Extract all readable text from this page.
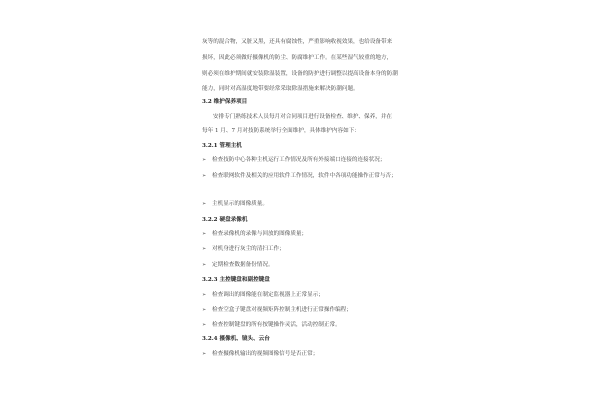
灰等的混合物，又脏又黑，还具有腐蚀性，严重影响收视效果，也给设备带来
损坏，因此必须做好摄像机的防尘、防腐维护工作。在某些湿气较重的地方，
则必须在维护期间就安装除湿装置，设备的防护进行调整以提高设备本身的防潮
能力，同时对高湿度地带要经常采取除湿措施来解决防潮问题。
3.2 维护保养项目
安排专门熟练技术人员每月对合同项目进行设备检查、维护、保养，并在
每年 1 月、7 月对技防系统举行全面维护，具体维护内容如下：
3.2.1 管理主机
➢ 检查技防中心各种主机运行工作情况及所有外接端口连接的连接状况；
➢ 检查联网软件及相关的应用软件工作情况，软件中各项功能操作正常与否；
➢ 主机显示的图像质量。
3.2.2 硬盘录像机
➢ 检查录像机的录像与回放的图像质量；
➢ 对机身进行灰尘的清扫工作；
➢ 定期检查数据备份情况。
3.2.3 主控键盘和副控键盘
➢ 检查调出的图像能在制定监视器上正常显示；
➢ 检查空盒子键盘对视频矩阵控制主机进行正常操作编程；
➢ 检查控制键盘的所有按键操作灵活，活动控制正常。
3.2.4 摄像机、镜头、云台
➢ 检查摄像机输出的视频图像信号是否正常；
